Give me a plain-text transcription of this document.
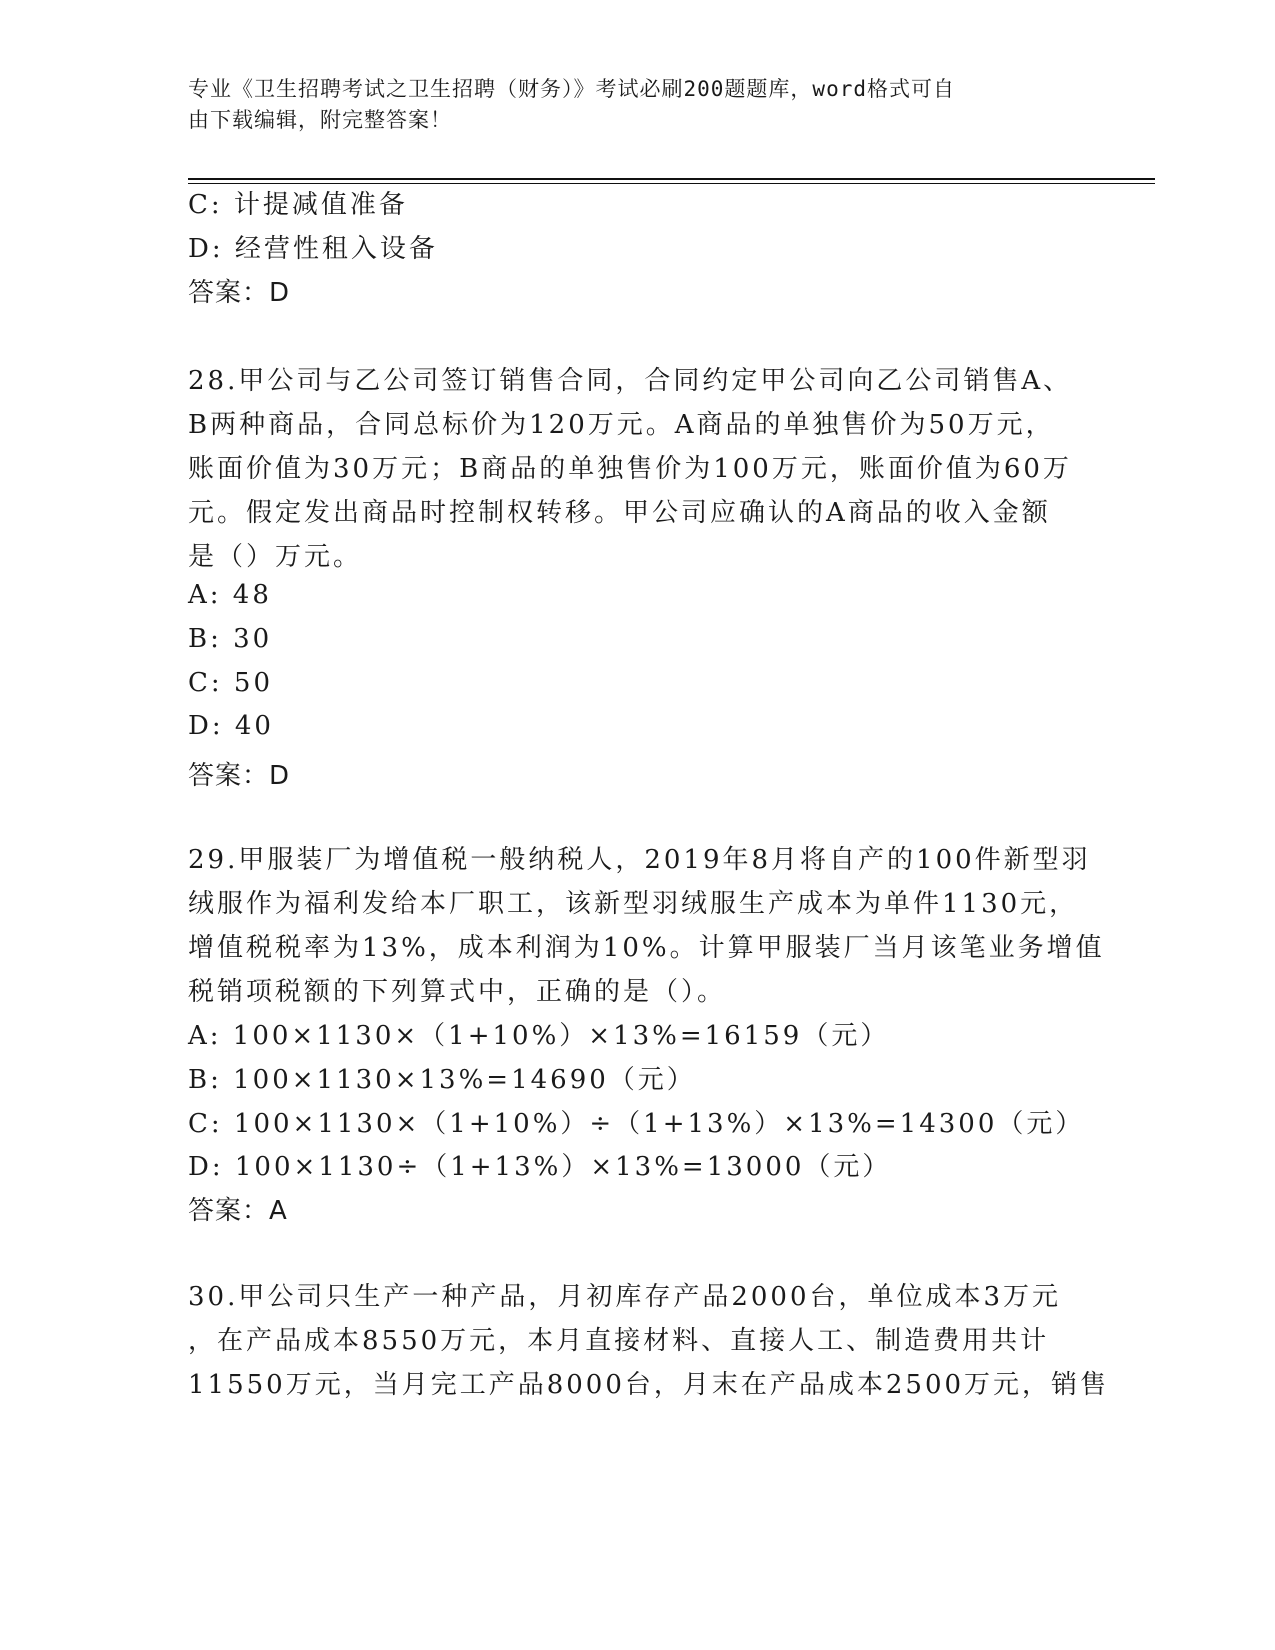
专业《卫生招聘考试之卫生招聘（财务）》考试必刷200题题库，word格式可自
由下载编辑，附完整答案！
C: 计提减值准备
D: 经营性租入设备
答案：D
28.甲公司与乙公司签订销售合同，合同约定甲公司向乙公司销售A、
B两种商品，合同总标价为120万元。A商品的单独售价为50万元，
账面价值为30万元；B商品的单独售价为100万元，账面价值为60万
元。假定发出商品时控制权转移。甲公司应确认的A商品的收入金额
是（）万元。
A: 48
B: 30
C: 50
D: 40
答案：D
29.甲服装厂为增值税一般纳税人，2019年8月将自产的100件新型羽
绒服作为福利发给本厂职工，该新型羽绒服生产成本为单件1130元，
增值税税率为13%，成本利润为10%。计算甲服装厂当月该笔业务增值
税销项税额的下列算式中，正确的是（）。
A: 100×1130×（1+10%）×13%=16159（元）
B: 100×1130×13%=14690（元）
C: 100×1130×（1+10%）÷（1+13%）×13%=14300（元）
D: 100×1130÷（1+13%）×13%=13000（元）
答案：A
30.甲公司只生产一种产品，月初库存产品2000台，单位成本3万元
，在产品成本8550万元，本月直接材料、直接人工、制造费用共计
11550万元，当月完工产品8000台，月末在产品成本2500万元，销售
